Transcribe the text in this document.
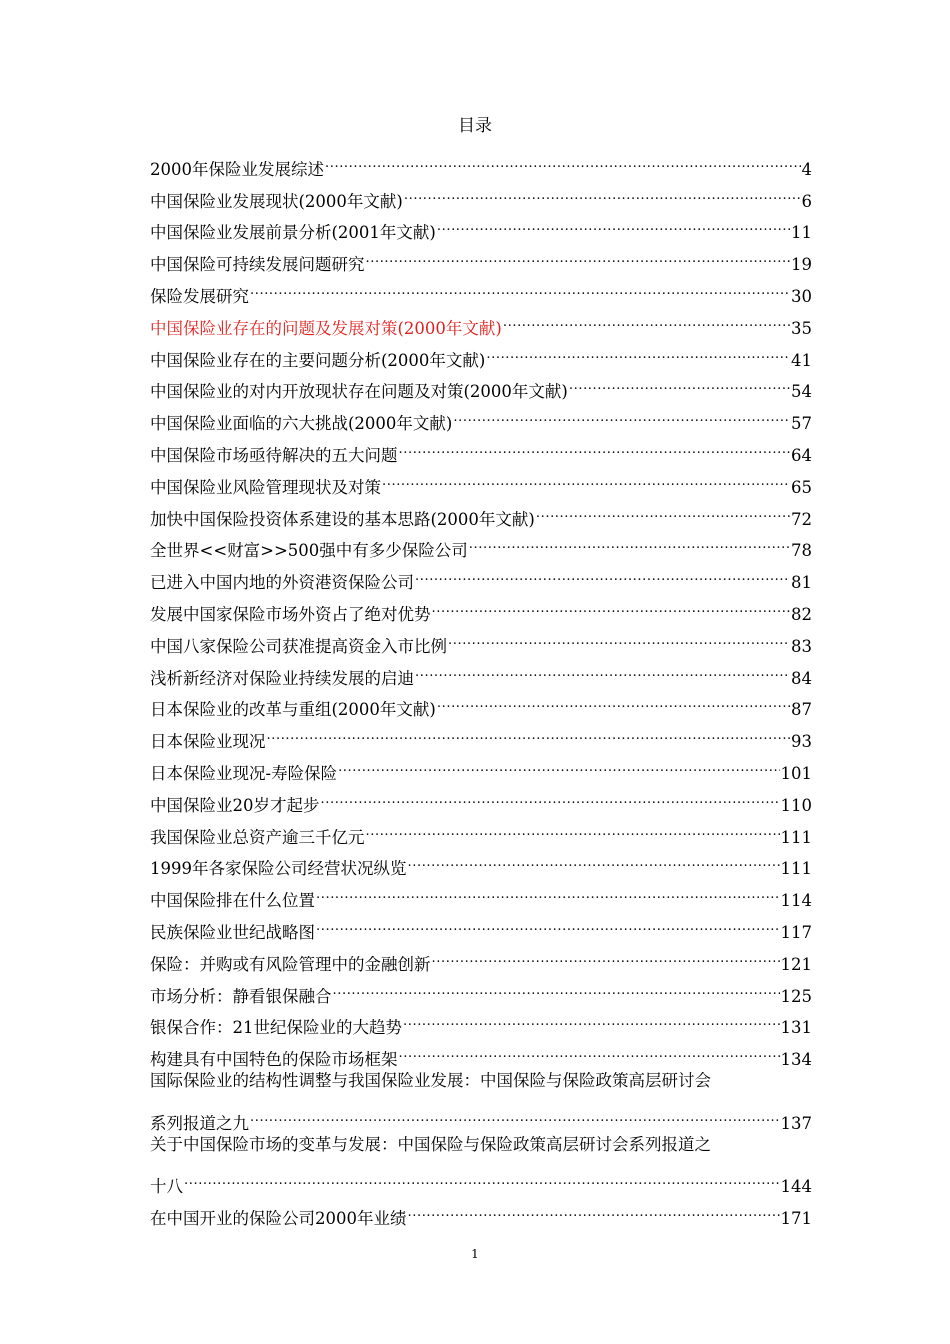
目录
2000年保险业发展综述 .....	4
中国保险业发展现状(2000年文献) .....	6
中国保险业发展前景分析(2001年文献) .....	11
中国保险可持续发展问题研究 .....	19
保险发展研究 .....	30
中国保险业存在的问题及发展对策(2000年文献) .....	35
中国保险业存在的主要问题分析(2000年文献) .....	41
中国保险业的对内开放现状存在问题及对策(2000年文献) .....	54
中国保险业面临的六大挑战(2000年文献) .....	57
中国保险市场亟待解决的五大问题 .....	64
中国保险业风险管理现状及对策 .....	65
加快中国保险投资体系建设的基本思路(2000年文献) .....	72
全世界<<财富>>500强中有多少保险公司 .....	78
已进入中国内地的外资港资保险公司 .....	81
发展中国家保险市场外资占了绝对优势 .....	82
中国八家保险公司获准提高资金入市比例 .....	83
浅析新经济对保险业持续发展的启迪 .....	84
日本保险业的改革与重组(2000年文献) .....	87
日本保险业现况 .....	93
日本保险业现况-寿险保险 .....	101
中国保险业20岁才起步 .....	110
我国保险业总资产逾三千亿元 .....	111
1999年各家保险公司经营状况纵览 .....	111
中国保险排在什么位置 .....	114
民族保险业世纪战略图 .....	117
保险：并购或有风险管理中的金融创新 .....	121
市场分析：静看银保融合 .....	125
银保合作：21世纪保险业的大趋势 .....	131
构建具有中国特色的保险市场框架 .....	134
国际保险业的结构性调整与我国保险业发展：中国保险与保险政策高层研讨会
系列报道之九 .....	137
关于中国保险市场的变革与发展：中国保险与保险政策高层研讨会系列报道之
十八 .....	144
在中国开业的保险公司2000年业绩 .....	171
1
